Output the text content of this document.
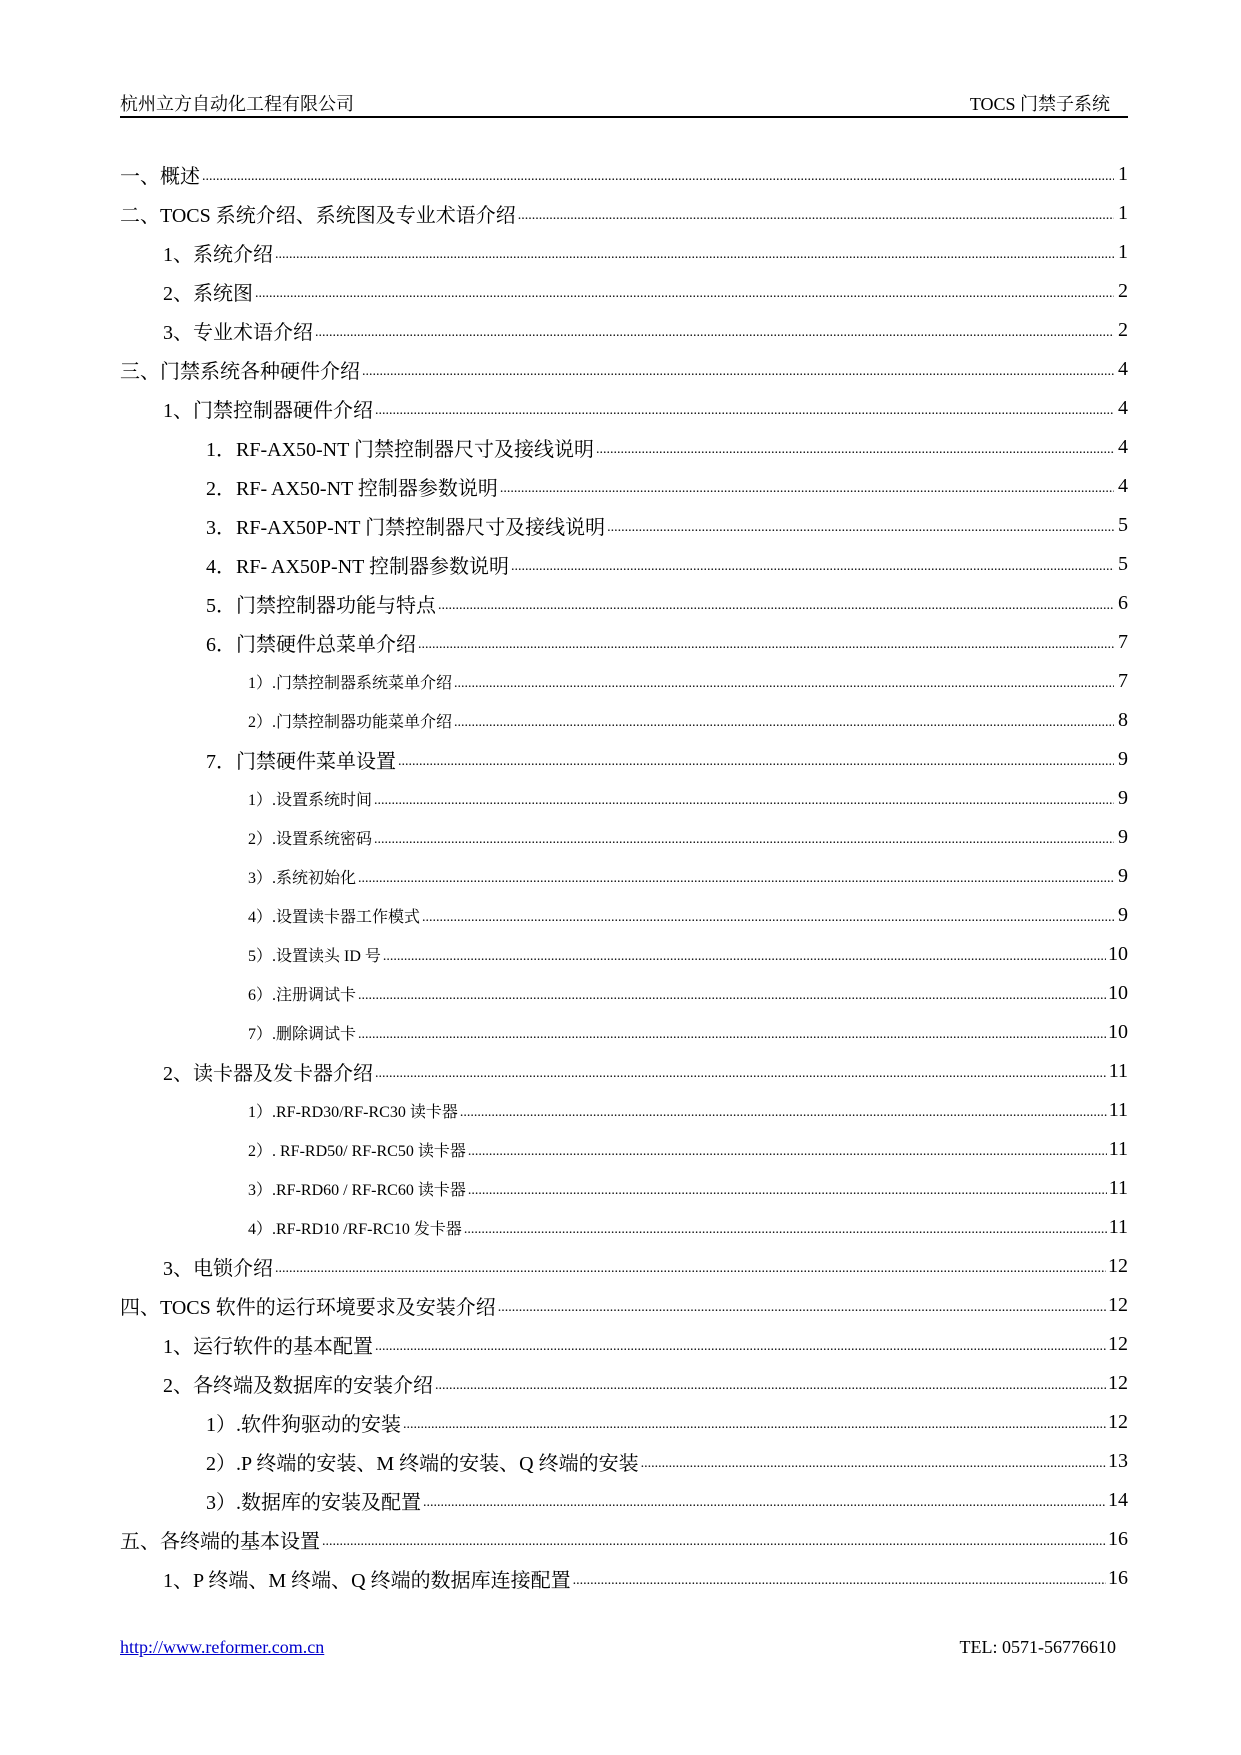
杭州立方自动化工程有限公司	TOCS 门禁子系统
一、概述 .....	1
二、TOCS 系统介绍、系统图及专业术语介绍 .....	1
1、系统介绍 .....	1
2、系统图 .....	2
3、专业术语介绍 .....	2
三、门禁系统各种硬件介绍 .....	4
1、门禁控制器硬件介绍 .....	4
1．RF-AX50-NT 门禁控制器尺寸及接线说明 .....	4
2．RF- AX50-NT 控制器参数说明 .....	4
3．RF-AX50P-NT 门禁控制器尺寸及接线说明 .....	5
4．RF- AX50P-NT 控制器参数说明 .....	5
5．门禁控制器功能与特点 .....	6
6．门禁硬件总菜单介绍 .....	7
1）.门禁控制器系统菜单介绍 .....	7
2）.门禁控制器功能菜单介绍 .....	8
7．门禁硬件菜单设置 .....	9
1）.设置系统时间 .....	9
2）.设置系统密码 .....	9
3）.系统初始化 .....	9
4）.设置读卡器工作模式 .....	9
5）.设置读头 ID 号 .....	10
6）.注册调试卡 .....	10
7）.删除调试卡 .....	10
2、读卡器及发卡器介绍 .....	11
1）.RF-RD30/RF-RC30 读卡器 .....	11
2）. RF-RD50/ RF-RC50 读卡器 .....	11
3）.RF-RD60 / RF-RC60 读卡器 .....	11
4）.RF-RD10 /RF-RC10 发卡器 .....	11
3、电锁介绍 .....	12
四、TOCS 软件的运行环境要求及安装介绍 .....	12
1、运行软件的基本配置 .....	12
2、各终端及数据库的安装介绍 .....	12
1）.软件狗驱动的安装 .....	12
2）.P 终端的安装、M 终端的安装、Q 终端的安装 .....	13
3）.数据库的安装及配置 .....	14
五、各终端的基本设置 .....	16
1、P 终端、M 终端、Q 终端的数据库连接配置 .....	16
http://www.reformer.com.cn	TEL: 0571-56776610
